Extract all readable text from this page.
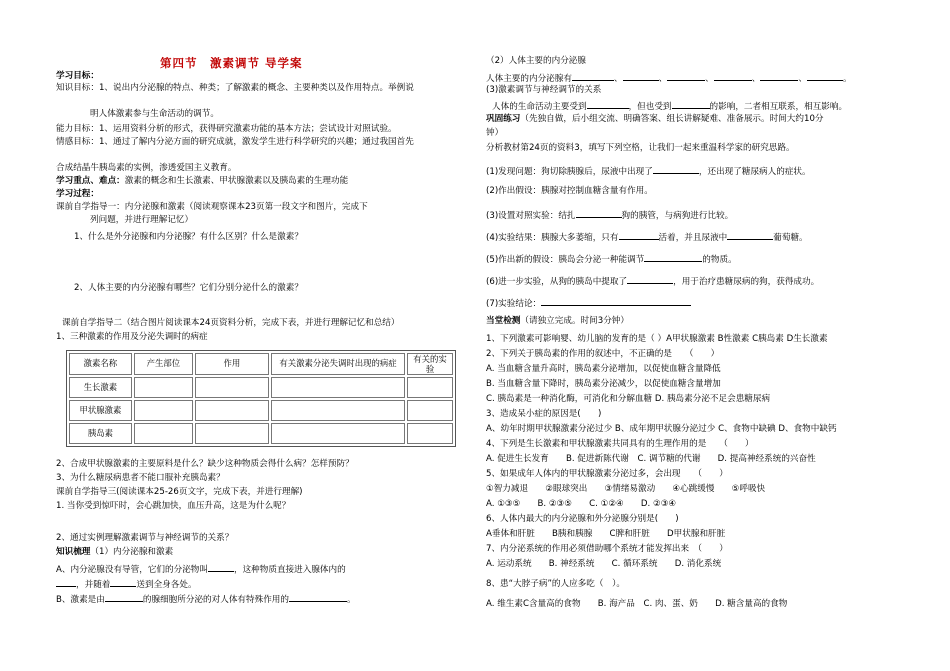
第四节　激素调节 导学案
学习目标：
知识目标：1、说出内分泌腺的特点、种类；了解激素的概念、主要种类以及作用特点。举例说
明人体激素参与生命活动的调节。
能力目标：1、运用资料分析的形式，获得研究激素功能的基本方法；尝试设计对照试验。
情感目标：1、通过了解内分泌方面的研究成就，激发学生进行科学研究的兴趣；通过我国首先
合成结晶牛胰岛素的实例，渗透爱国主义教育。
学习重点、难点：激素的概念和生长激素、甲状腺激素以及胰岛素的生理功能
学习过程：
课前自学指导一：内分泌腺和激素（阅读观察课本23页第一段文字和图片，完成下
列问题，并进行理解记忆）
1、什么是外分泌腺和内分泌腺？有什么区别？什么是激素？
2、人体主要的内分泌腺有哪些？它们分别分泌什么的激素？
课前自学指导二（结合图片阅读课本24页资料分析，完成下表，并进行理解记忆和总结）
1、三种激素的作用及分泌失调时的病症
激素名称	产生部位	作用	有关激素分泌失调时出现的病症	有关的实验
生长激素				
甲状腺激素				
胰岛素				
2、合成甲状腺激素的主要原料是什么？缺少这种物质会得什么病？怎样预防？
3、为什么糖尿病患者不能口服补充胰岛素？
课前自学指导三(阅读课本25-26页文字，完成下表，并进行理解)
1. 当你受到惊吓时，会心跳加快，血压升高，这是为什么呢？
2、通过实例理解激素调节与神经调节的关系？
知识梳理（1）内分泌腺和激素
A、内分泌腺没有导管，它们的分泌物叫	，这种物质直接进入腺体内的
，并随着	送到全身各处。
B、激素是由	的腺细胞所分泌的对人体有特殊作用的	。
（2）人体主要的内分泌腺
人体主要的内分泌腺有	、	、	、	、	、	。
(3)激素调节与神经调节的关系
人体的生命活动主要受到	，但也受到	的影响，二者相互联系，相互影响。
巩固练习（先独自做，后小组交流、明确答案、组长讲解疑难、准备展示。时间大约10分
钟）
分析教材第24页的资料3，填写下列空格，让我们一起来重温科学家的研究思路。
(1)发现问题：狗切除胰腺后，尿液中出现了	，还出现了糖尿病人的症状。
(2)作出假设：胰腺对控制血糖含量有作用。
(3)设置对照实验：结扎	狗的胰管，与病狗进行比较。
(4)实验结果：胰腺大多萎缩，只有	活着，并且尿液中	葡萄糖。
(5)作出新的假设：胰岛会分泌一种能调节	的物质。
(6)进一步实验，从狗的胰岛中提取了	，用于治疗患糖尿病的狗，获得成功。
(7)实验结论：
当堂检测（请独立完成。时间3分钟）
1、下列激素可影响婴、幼儿脑的发育的是（ ）A甲状腺激素 B性激素 C胰岛素 D生长激素
2、下列关于胰岛素的作用的叙述中，不正确的是　　（　　）
A. 当血糖含量升高时，胰岛素分泌增加，以促使血糖含量降低
B. 当血糖含量下降时，胰岛素分泌减少，以促使血糖含量增加
C. 胰岛素是一种消化酶，可消化和分解血糖 D. 胰岛素分泌不足会患糖尿病
3、造成呆小症的原因是(　　)
A、幼年时期甲状腺激素分泌过少 B、成年期甲状腺分泌过少 C、食物中缺碘 D、食物中缺钙
4、下列是生长激素和甲状腺激素共同具有的生理作用的是　　（　　）
A. 促进生长发育　　B. 促进新陈代谢　C. 调节糖的代谢　　D. 提高神经系统的兴奋性
5、如果成年人体内的甲状腺激素分泌过多，会出现　　（　　）
①智力减退　　②眼球突出　　③情绪易激动　　④心跳缓慢　　⑤呼吸快
A. ①③⑤　　B. ②③⑤　　C. ①②④　　D. ②③④
6、人体内最大的内分泌腺和外分泌腺分别是(　　)
A垂体和肝脏　　B胰和胰腺　　C脾和肝脏　　D甲状腺和肝脏
7、内分泌系统的作用必须借助哪个系统才能发挥出来　（　　）
A. 运动系统　　B. 神经系统　　C. 循环系统　　D. 消化系统
8、患“大脖子病”的人应多吃（　）。
A. 维生素C含量高的食物　　B. 海产品　C. 肉、蛋、奶　　D. 糖含量高的食物
